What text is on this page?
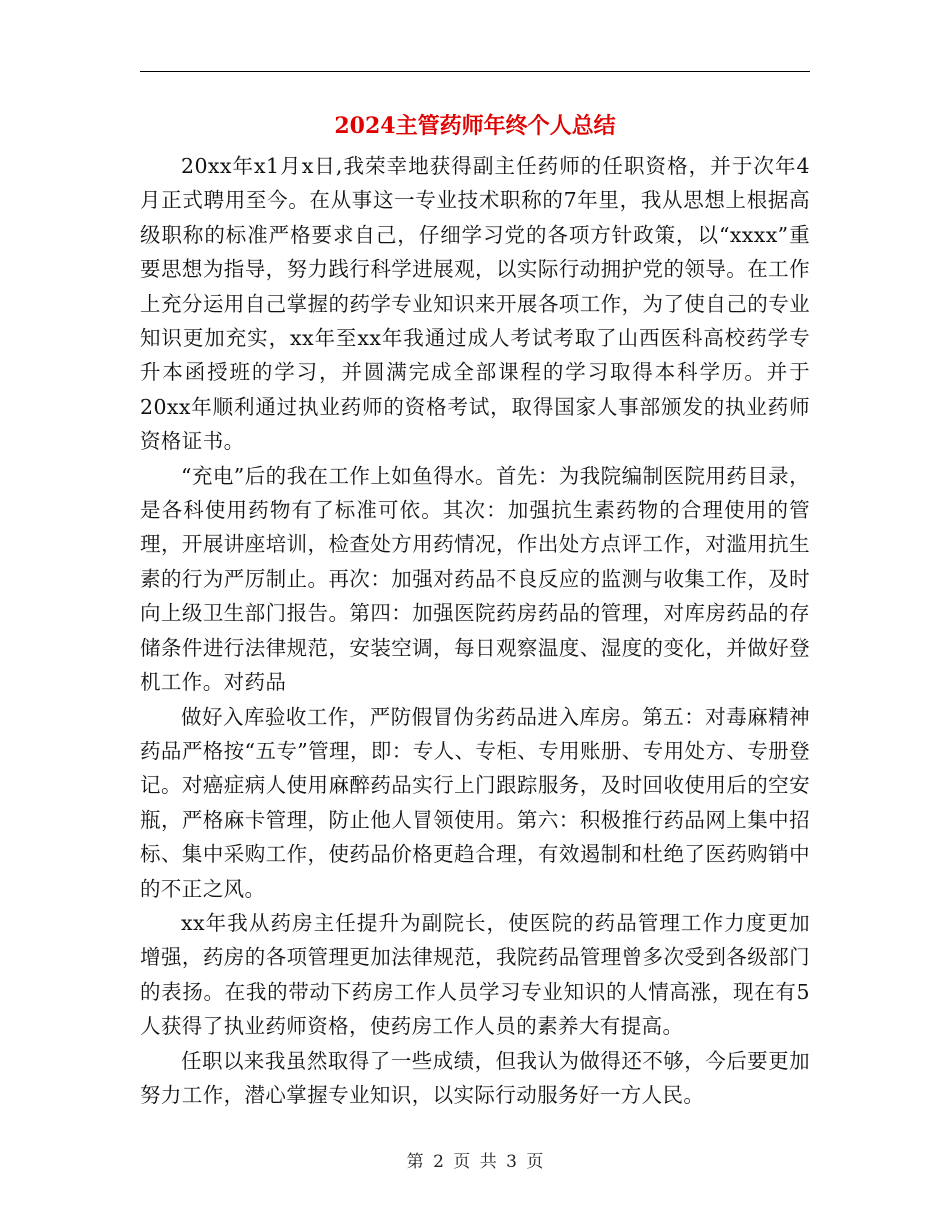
2024主管药师年终个人总结

20xx年x1月x日,我荣幸地获得副主任药师的任职资格，并于次年4月正式聘用至今。在从事这一专业技术职称的7年里，我从思想上根据高级职称的标准严格要求自己，仔细学习党的各项方针政策，以“xxxx”重要思想为指导，努力践行科学进展观，以实际行动拥护党的领导。在工作上充分运用自己掌握的药学专业知识来开展各项工作，为了使自己的专业知识更加充实，xx年至xx年我通过成人考试考取了山西医科高校药学专升本函授班的学习，并圆满完成全部课程的学习取得本科学历。并于20xx年顺利通过执业药师的资格考试，取得国家人事部颁发的执业药师资格证书。

“充电”后的我在工作上如鱼得水。首先：为我院编制医院用药目录，是各科使用药物有了标准可依。其次：加强抗生素药物的合理使用的管理，开展讲座培训，检查处方用药情况，作出处方点评工作，对滥用抗生素的行为严厉制止。再次：加强对药品不良反应的监测与收集工作，及时向上级卫生部门报告。第四：加强医院药房药品的管理，对库房药品的存储条件进行法律规范，安装空调，每日观察温度、湿度的变化，并做好登机工作。对药品

做好入库验收工作，严防假冒伪劣药品进入库房。第五：对毒麻精神药品严格按“五专”管理，即：专人、专柜、专用账册、专用处方、专册登记。对癌症病人使用麻醉药品实行上门跟踪服务，及时回收使用后的空安瓶，严格麻卡管理，防止他人冒领使用。第六：积极推行药品网上集中招标、集中采购工作，使药品价格更趋合理，有效遏制和杜绝了医药购销中的不正之风。

xx年我从药房主任提升为副院长，使医院的药品管理工作力度更加增强，药房的各项管理更加法律规范，我院药品管理曾多次受到各级部门的表扬。在我的带动下药房工作人员学习专业知识的人情高涨，现在有5人获得了执业药师资格，使药房工作人员的素养大有提高。

任职以来我虽然取得了一些成绩，但我认为做得还不够，今后要更加努力工作，潜心掌握专业知识，以实际行动服务好一方人民。

第 2 页 共 3 页
